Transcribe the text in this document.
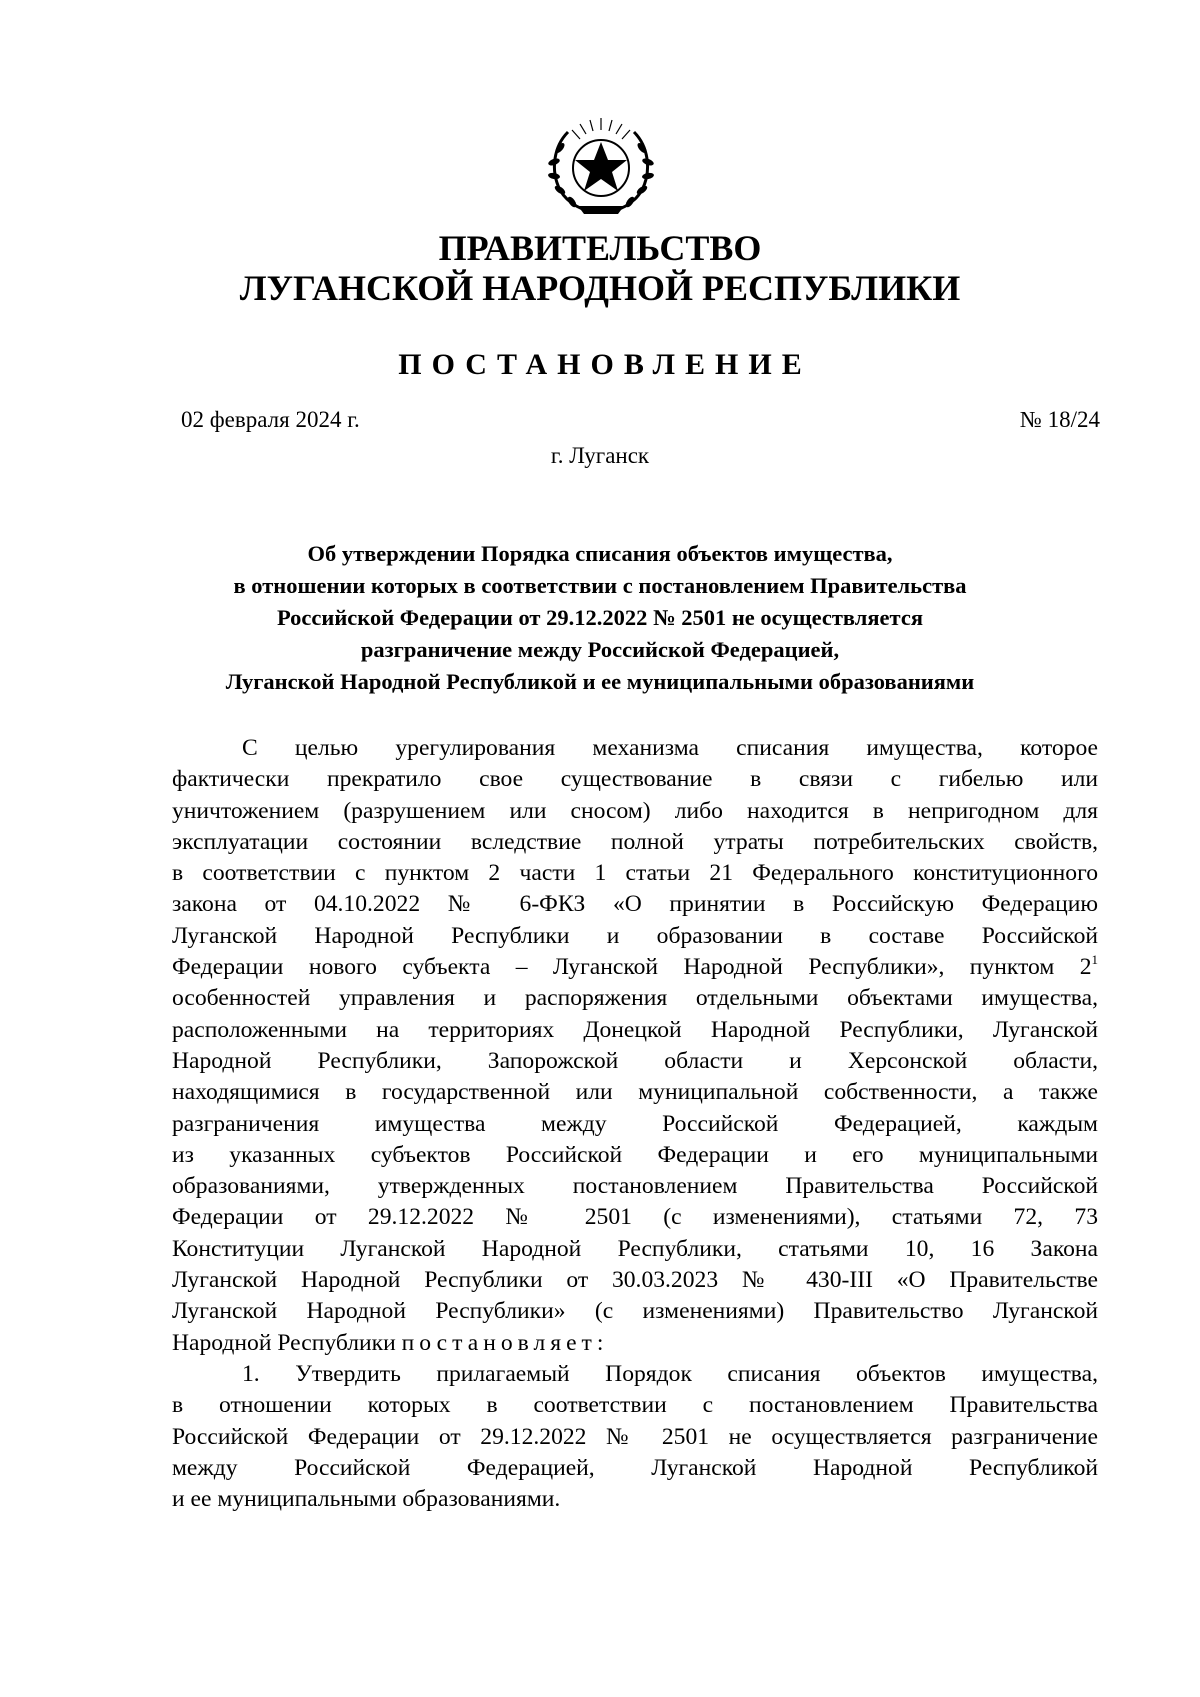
ПРАВИТЕЛЬСТВО
ЛУГАНСКОЙ НАРОДНОЙ РЕСПУБЛИКИ
ПОСТАНОВЛЕНИЕ
02 февраля 2024 г.	№ 18/24
г. Луганск
Об утверждении Порядка списания объектов имущества,
в отношении которых в соответствии с постановлением Правительства
Российской Федерации от 29.12.2022 № 2501 не осуществляется
разграничение между Российской Федерацией,
Луганской Народной Республикой и ее муниципальными образованиями
С целью урегулирования механизма списания имущества, которое
фактически прекратило свое существование в связи с гибелью или
уничтожением (разрушением или сносом) либо находится в непригодном для
эксплуатации состоянии вследствие полной утраты потребительских свойств,
в соответствии с пунктом 2 части 1 статьи 21 Федерального конституционного
закона от 04.10.2022 № 6-ФКЗ «О принятии в Российскую Федерацию
Луганской Народной Республики и образовании в составе Российской
Федерации нового субъекта – Луганской Народной Республики», пунктом $2^1$
особенностей управления и распоряжения отдельными объектами имущества,
расположенными на территориях Донецкой Народной Республики, Луганской
Народной Республики, Запорожской области и Херсонской области,
находящимися в государственной или муниципальной собственности, а также
разграничения имущества между Российской Федерацией, каждым
из указанных субъектов Российской Федерации и его муниципальными
образованиями, утвержденных постановлением Правительства Российской
Федерации от 29.12.2022 № 2501 (с изменениями), статьями 72, 73
Конституции Луганской Народной Республики, статьями 10, 16 Закона
Луганской Народной Республики от 30.03.2023 № 430-III «О Правительстве
Луганской Народной Республики» (с изменениями) Правительство Луганской
Народной Республики постановляет:
1. Утвердить прилагаемый Порядок списания объектов имущества,
в отношении которых в соответствии с постановлением Правительства
Российской Федерации от 29.12.2022 № 2501 не осуществляется разграничение
между Российской Федерацией, Луганской Народной Республикой
и ее муниципальными образованиями.
